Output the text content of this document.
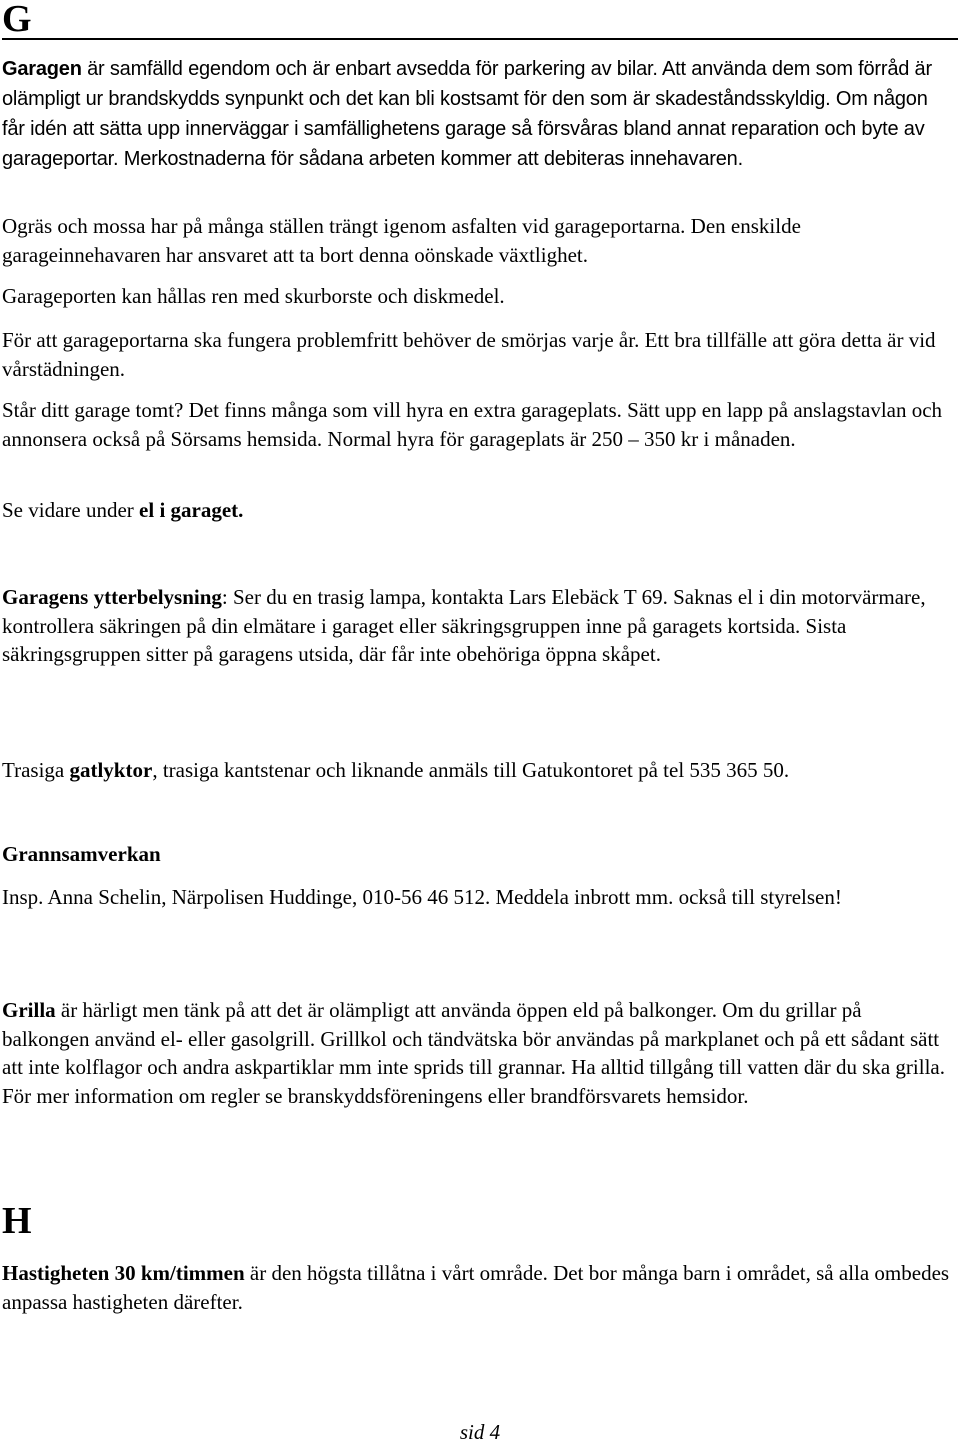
G

Garagen är samfälld egendom och är enbart avsedda för parkering av bilar. Att använda dem som förråd är olämpligt ur brandskydds synpunkt och det kan bli kostsamt för den som är skadeståndsskyldig. Om någon får idén att sätta upp innerväggar i samfällighetens garage så försvåras bland annat reparation och byte av garageportar. Merkostnaderna för sådana arbeten kommer att debiteras innehavaren.

Ogräs och mossa har på många ställen trängt igenom asfalten vid garageportarna. Den enskilde garageinnehavaren har ansvaret att ta bort denna oönskade växtlighet.

Garageporten kan hållas ren med skurborste och diskmedel.

För att garageportarna ska fungera problemfritt behöver de smörjas varje år. Ett bra tillfälle att göra detta är vid vårstädningen.

Står ditt garage tomt? Det finns många som vill hyra en extra garageplats. Sätt upp en lapp på anslagstavlan och annonsera också på Sörsams hemsida. Normal hyra för garageplats är 250 – 350 kr i månaden.

Se vidare under el i garaget.

Garagens ytterbelysning: Ser du en trasig lampa, kontakta Lars Elebäck T 69. Saknas el i din motorvärmare, kontrollera säkringen på din elmätare i garaget eller säkringsgruppen inne på garagets kortsida. Sista säkringsgruppen sitter på garagens utsida, där får inte obehöriga öppna skåpet.

Trasiga gatlyktor, trasiga kantstenar och liknande anmäls till Gatukontoret på tel 535 365 50.

Grannsamverkan

Insp. Anna Schelin, Närpolisen Huddinge, 010-56 46 512. Meddela inbrott mm. också till styrelsen!

Grilla är härligt men tänk på att det är olämpligt att använda öppen eld på balkonger. Om du grillar på balkongen använd el- eller gasolgrill. Grillkol och tändvätska bör användas på markplanet och på ett sådant sätt att inte kolflagor och andra askpartiklar mm inte sprids till grannar. Ha alltid tillgång till vatten där du ska grilla. För mer information om regler se branskyddsföreningens eller brandförsvarets hemsidor.

H

Hastigheten 30 km/timmen är den högsta tillåtna i vårt område. Det bor många barn i området, så alla ombedes anpassa hastigheten därefter.

sid 4
